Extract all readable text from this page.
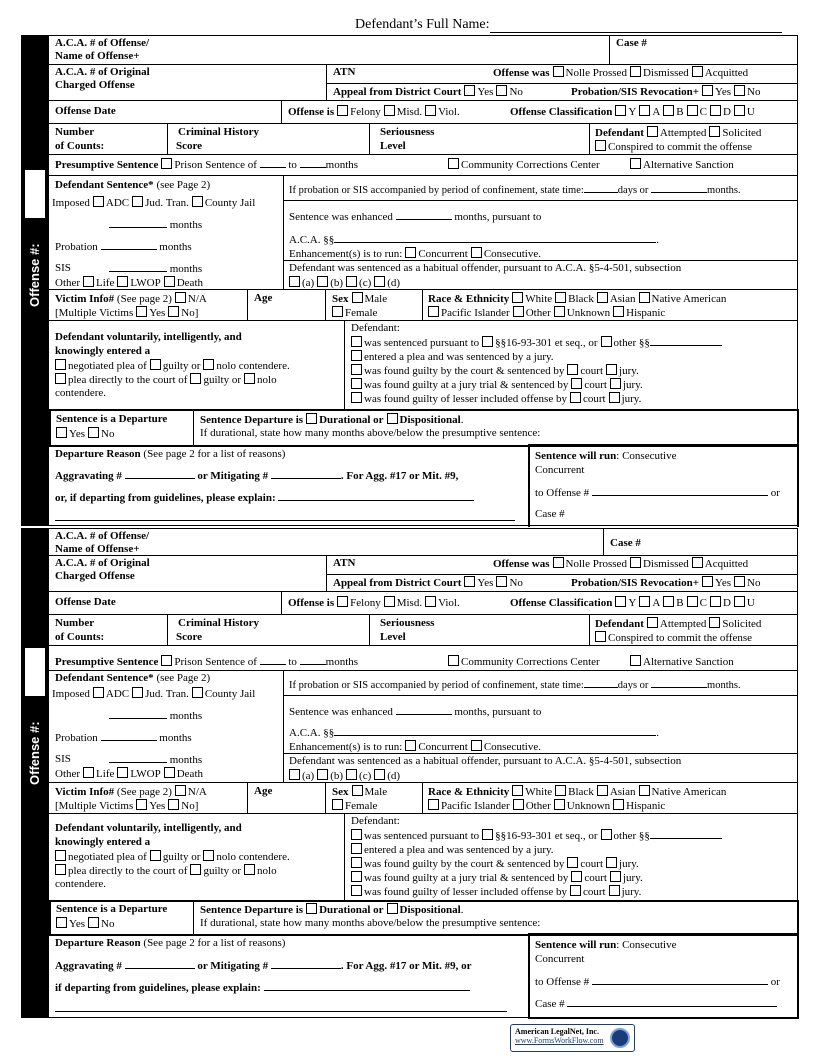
Defendant’s Full Name:
Offense #:
A.C.A. # of Offense/
Name of Offense+
Case #
A.C.A. # of Original
Charged Offense
ATN	Offense was Nolle Prossed Dismissed Acquitted
Appeal from District Court Yes No	Probation/SIS Revocation+ Yes No
Offense Date	Offense is Felony Misd. Viol.	Offense Classification Y A B C D U
Number
of Counts:
Criminal History
Score
Seriousness
Level
Defendant Attempted Solicited
Conspired to commit the offense
Presumptive Sentence Prison Sentence of	to	months	Community Corrections Center	Alternative Sanction
Defendant Sentence* (see Page 2)
Imposed ADC Jud. Tran. County Jail
months
Probation	months
SIS	months
Other Life LWOP Death
If probation or SIS accompanied by period of confinement, state time:	days or	months.
Sentence was enhanced	months, pursuant to
A.C.A. §§	.
Enhancement(s) is to run: Concurrent Consecutive.
Defendant was sentenced as a habitual offender, pursuant to A.C.A. §5-4-501, subsection
(a) (b) (c) (d)
Victim Info# (See page 2) N/A
[Multiple Victims Yes No]
Age	Sex Male
Female
Race & Ethnicity White Black Asian Native American
Pacific Islander Other Unknown Hispanic
Defendant voluntarily, intelligently, and
knowingly entered a
negotiated plea of guilty or nolo contendere.
plea directly to the court of guilty or nolo
contendere.
Defendant:
was sentenced pursuant to §§16-93-301 et seq., or other §§
entered a plea and was sentenced by a jury.
was found guilty by the court & sentenced by court jury.
was found guilty at a jury trial & sentenced by court jury.
was found guilty of lesser included offense by court jury.
Sentence is a Departure
Yes No
Sentence Departure is Durational or Dispositional.
If durational, state how many months above/below the presumptive sentence:
Departure Reason (See page 2 for a list of reasons)
Aggravating #	or Mitigating #	. For Agg. #17 or Mit. #9,
or, if departing from guidelines, please explain:
Sentence will run: Consecutive
Concurrent
to Offense #	or
Case #
Offense #:
A.C.A. # of Offense/
Name of Offense+	Case #
A.C.A. # of Original
Charged Offense
ATN	Offense was Nolle Prossed Dismissed Acquitted
Appeal from District Court Yes No	Probation/SIS Revocation+ Yes No
Offense Date	Offense is Felony Misd. Viol.	Offense Classification Y A B C D U
Number
of Counts:
Criminal History
Score
Seriousness
Level
Defendant Attempted Solicited
Conspired to commit the offense
Presumptive Sentence Prison Sentence of	to	months	Community Corrections Center	Alternative Sanction
Defendant Sentence* (see Page 2)
Imposed ADC Jud. Tran. County Jail
months
Probation	months
SIS	months
Other Life LWOP Death
If probation or SIS accompanied by period of confinement, state time:	days or	months.
Sentence was enhanced	months, pursuant to
A.C.A. §§	.
Enhancement(s) is to run: Concurrent Consecutive.
Defendant was sentenced as a habitual offender, pursuant to A.C.A. §5-4-501, subsection
(a) (b) (c) (d)
Victim Info# (See page 2) N/A
[Multiple Victims Yes No]
Age	Sex Male
Female
Race & Ethnicity White Black Asian Native American
Pacific Islander Other Unknown Hispanic
Defendant voluntarily, intelligently, and
knowingly entered a
negotiated plea of guilty or nolo contendere.
plea directly to the court of guilty or nolo
contendere.
Defendant:
was sentenced pursuant to §§16-93-301 et seq., or other §§
entered a plea and was sentenced by a jury.
was found guilty by the court & sentenced by court jury.
was found guilty at a jury trial & sentenced by court jury.
was found guilty of lesser included offense by court jury.
Sentence is a Departure
Yes No
Sentence Departure is Durational or Dispositional.
If durational, state how many months above/below the presumptive sentence:
Departure Reason (See page 2 for a list of reasons)
Aggravating #	or Mitigating #	. For Agg. #17 or Mit. #9, or
if departing from guidelines, please explain:
Sentence will run: Consecutive
Concurrent
to Offense #	or
Case #
American LegalNet, Inc.
www.FormsWorkFlow.com
